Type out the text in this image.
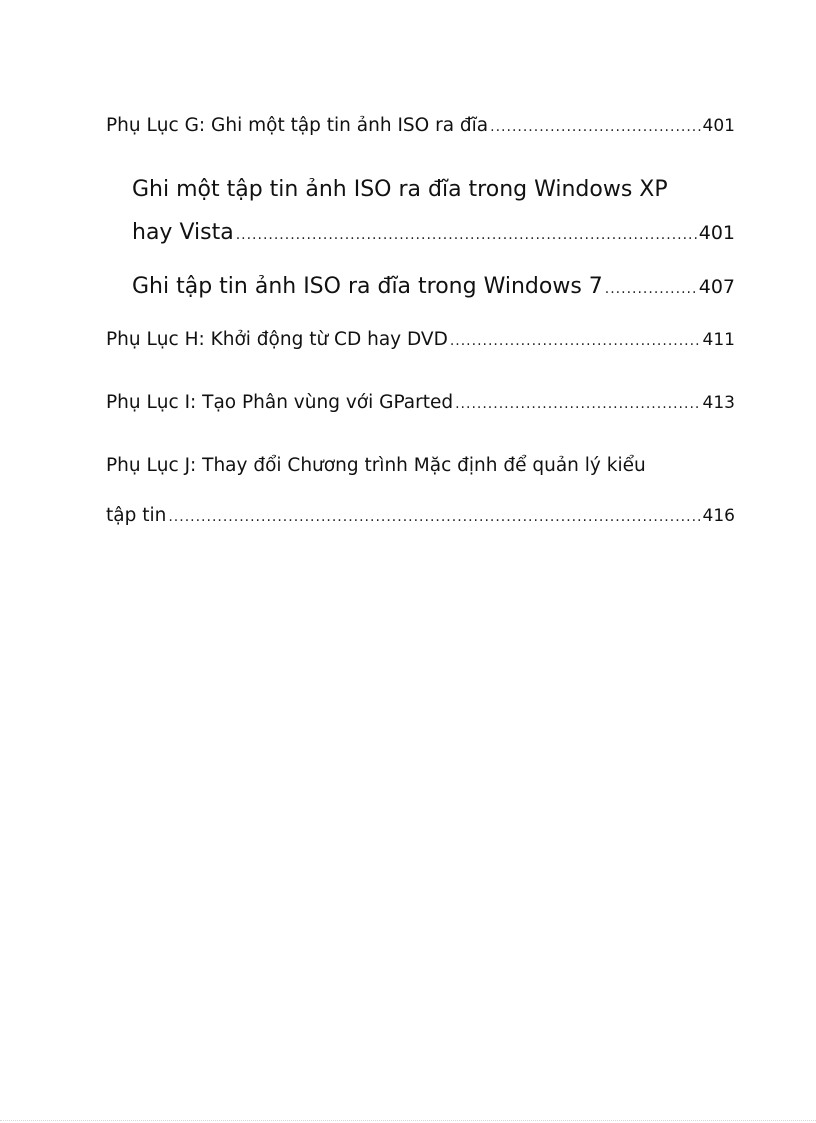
Phụ Lục G: Ghi một tập tin ảnh ISO ra đĩa .....	401
Ghi một tập tin ảnh ISO ra đĩa trong Windows XP
hay Vista .....	401
Ghi tập tin ảnh ISO ra đĩa trong Windows 7 .....	407
Phụ Lục H: Khởi động từ CD hay DVD .....	411
Phụ Lục I: Tạo Phân vùng với GParted .....	413
Phụ Lục J: Thay đổi Chương trình Mặc định để quản lý kiểu
tập tin .....	416
